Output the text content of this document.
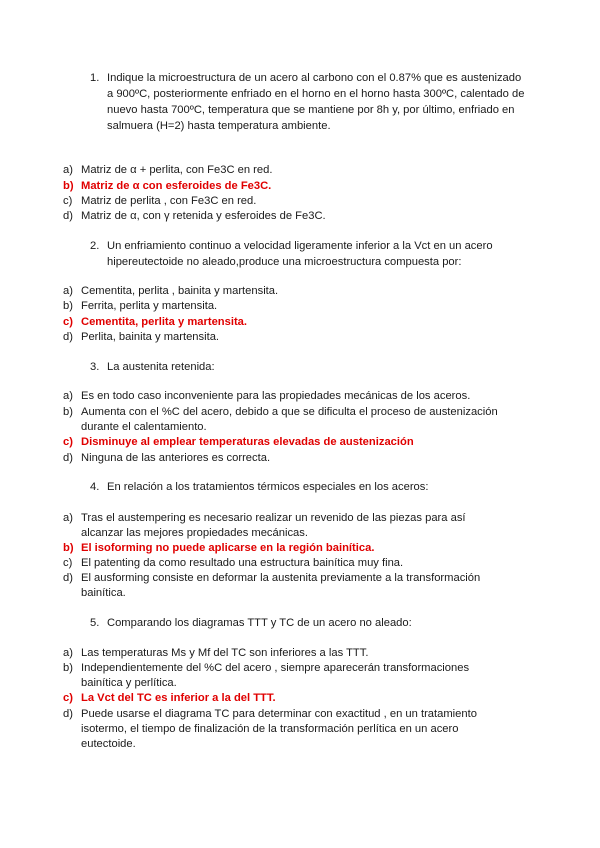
1. Indique la microestructura de un acero al carbono con el 0.87% que es austenizado
a 900ºC, posteriormente enfriado en el horno en el horno hasta 300ºC, calentado de
nuevo hasta 700ºC, temperatura que se mantiene por 8h y, por último, enfriado en
salmuera (H=2) hasta temperatura ambiente.
a) Matriz de α + perlita, con Fe3C en red.
b) Matriz de α con esferoides de Fe3C.
c) Matriz de perlita , con Fe3C en red.
d) Matriz de α, con γ retenida y esferoides de Fe3C.
2. Un enfriamiento continuo a velocidad ligeramente inferior a la Vct en un acero
hipereutectoide no aleado,produce una microestructura compuesta por:
a) Cementita, perlita , bainita y martensita.
b) Ferrita, perlita y martensita.
c) Cementita, perlita y martensita.
d) Perlita, bainita y martensita.
3. La austenita retenida:
a) Es en todo caso inconveniente para las propiedades mecánicas de los aceros.
b) Aumenta con el %C del acero, debido a que se dificulta el proceso de austenización
durante el calentamiento.
c) Disminuye al emplear temperaturas elevadas de austenización
d) Ninguna de las anteriores es correcta.
4. En relación a los tratamientos térmicos especiales en los aceros:
a) Tras el austempering es necesario realizar un revenido de las piezas para así
alcanzar las mejores propiedades mecánicas.
b) El isoforming no puede aplicarse en la región bainítica.
c) El patenting da como resultado una estructura bainítica muy fina.
d) El ausforming consiste en deformar la austenita previamente a la transformación
bainítica.
5. Comparando los diagramas TTT y TC de un acero no aleado:
a) Las temperaturas Ms y Mf del TC son inferiores a las TTT.
b) Independientemente del %C del acero , siempre aparecerán transformaciones
bainítica y perlítica.
c) La Vct del TC es inferior a la del TTT.
d) Puede usarse el diagrama TC para determinar con exactitud , en un tratamiento
isotermo, el tiempo de finalización de la transformación perlítica en un acero
eutectoide.
